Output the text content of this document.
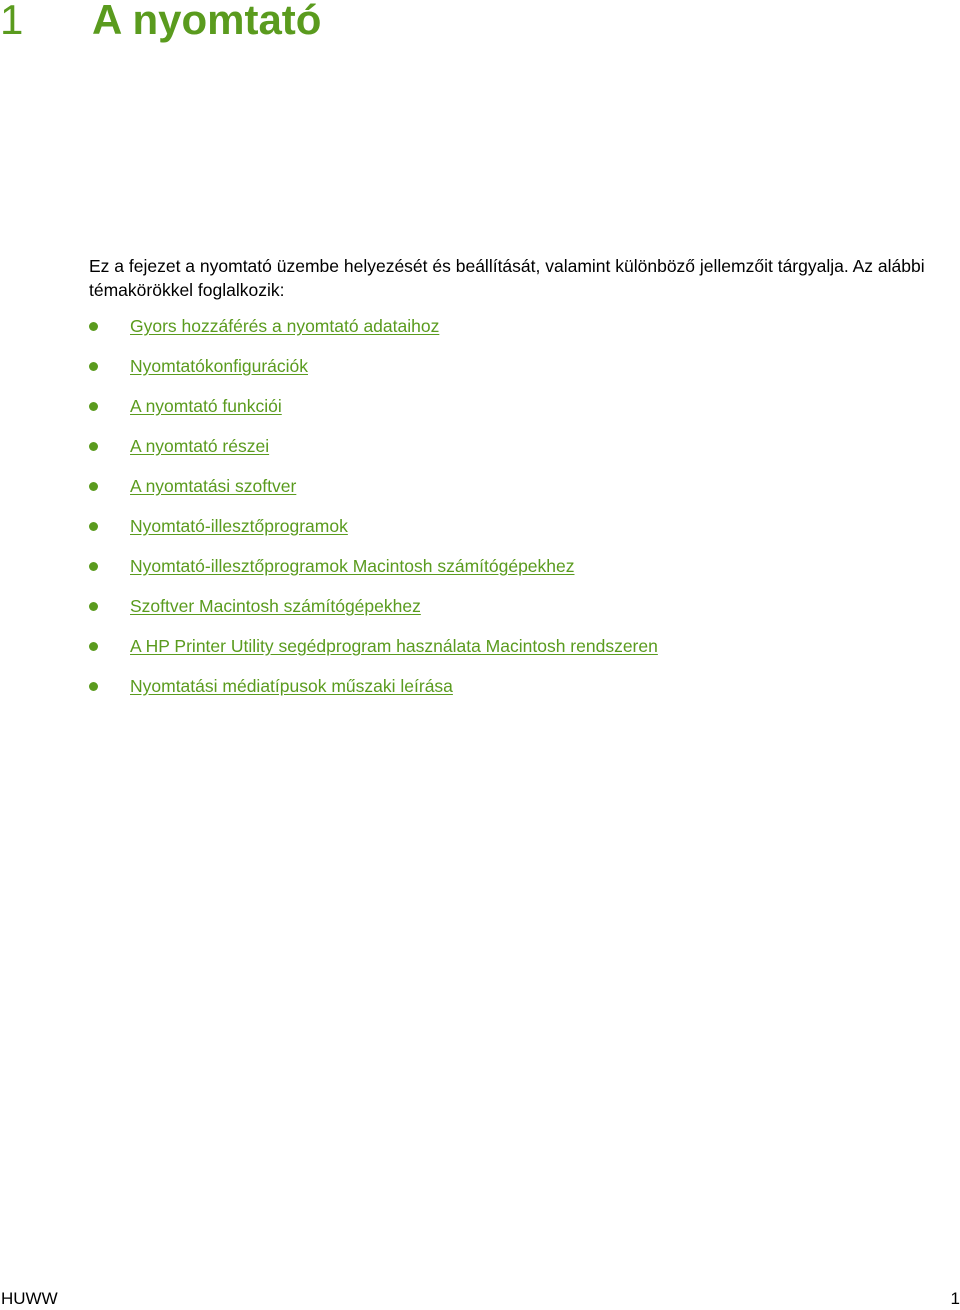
1 A nyomtató

Ez a fejezet a nyomtató üzembe helyezését és beállítását, valamint különböző jellemzőit tárgyalja. Az alábbi témakörökkel foglalkozik:

Gyors hozzáférés a nyomtató adataihoz
Nyomtatókonfigurációk
A nyomtató funkciói
A nyomtató részei
A nyomtatási szoftver
Nyomtató-illesztőprogramok
Nyomtató-illesztőprogramok Macintosh számítógépekhez
Szoftver Macintosh számítógépekhez
A HP Printer Utility segédprogram használata Macintosh rendszeren
Nyomtatási médiatípusok műszaki leírása
HUWW	1
